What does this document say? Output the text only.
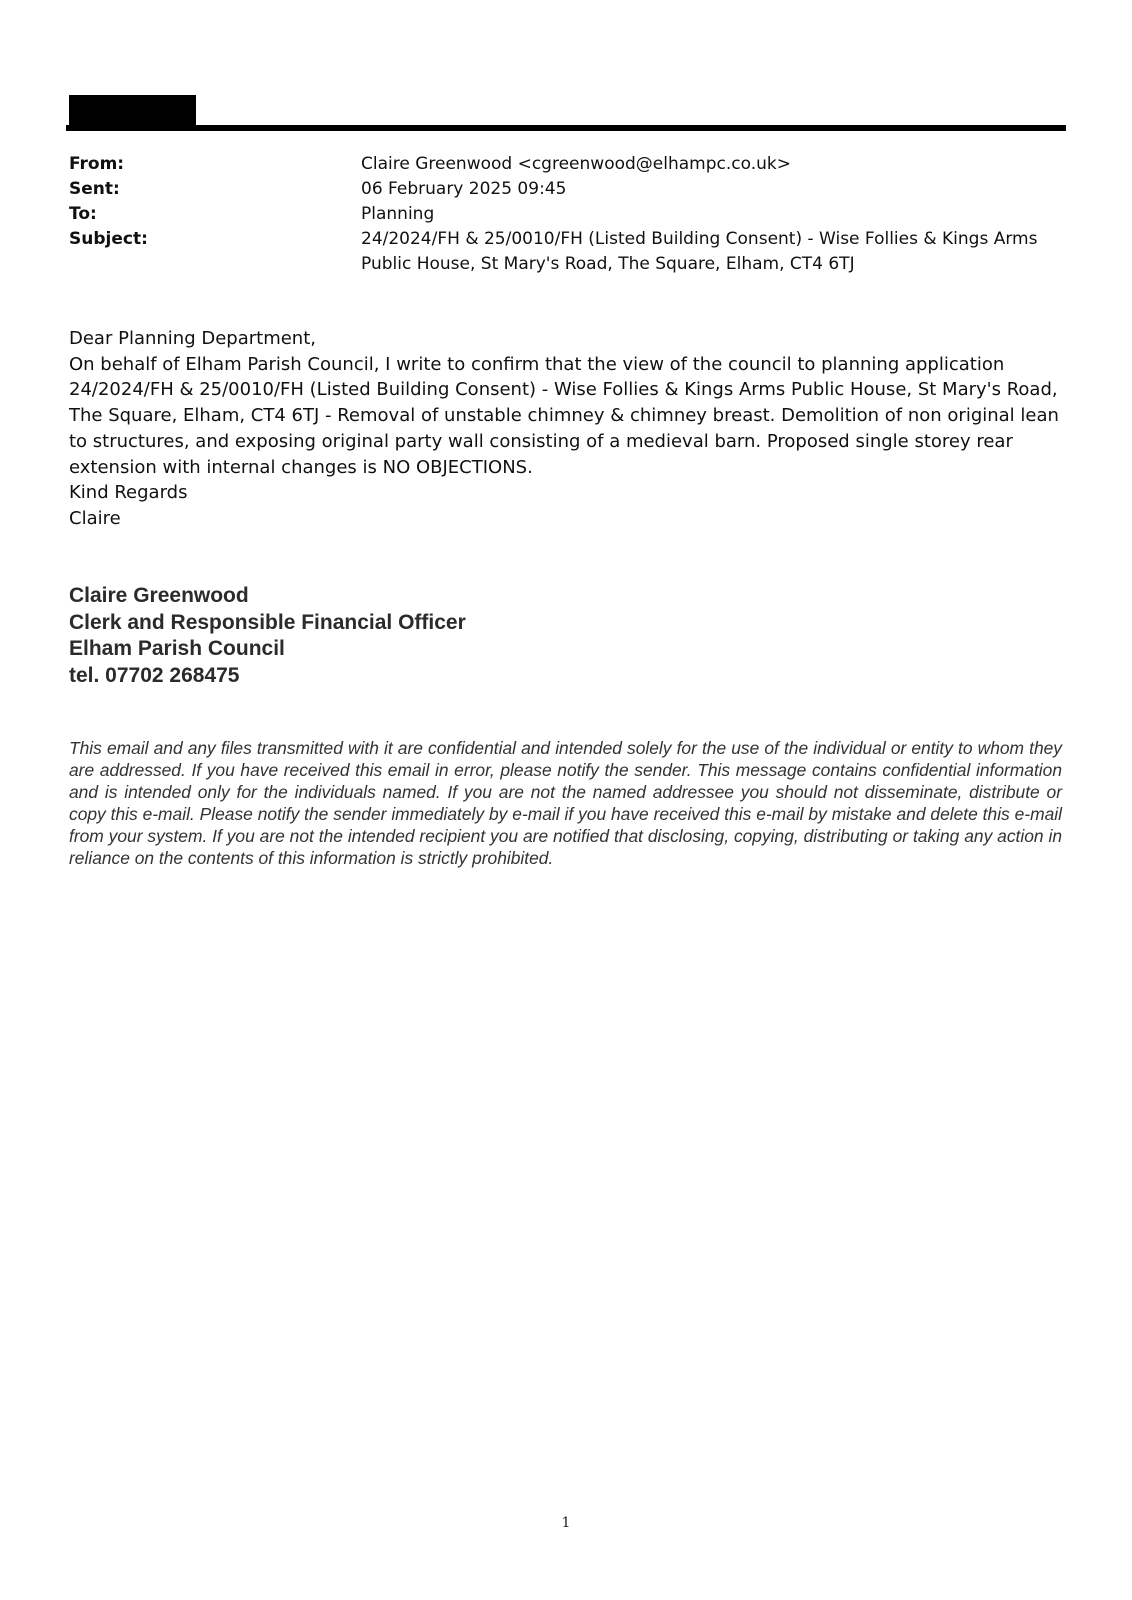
From:	Claire Greenwood <cgreenwood@elhampc.co.uk>
Sent:	06 February 2025 09:45
To:	Planning
Subject:	24/2024/FH & 25/0010/FH (Listed Building Consent) - Wise Follies & Kings Arms Public House, St Mary's Road, The Square, Elham, CT4 6TJ

Dear Planning Department,

On behalf of Elham Parish Council, I write to confirm that the view of the council to planning application 24/2024/FH & 25/0010/FH (Listed Building Consent) - Wise Follies & Kings Arms Public House, St Mary's Road, The Square, Elham, CT4 6TJ - Removal of unstable chimney & chimney breast. Demolition of non original lean to structures, and exposing original party wall consisting of a medieval barn. Proposed single storey rear extension with internal changes is NO OBJECTIONS.

Kind Regards

Claire

Claire Greenwood
Clerk and Responsible Financial Officer
Elham Parish Council
tel. 07702 268475

This email and any files transmitted with it are confidential and intended solely for the use of the individual or entity to whom they are addressed. If you have received this email in error, please notify the sender. This message contains confidential information and is intended only for the individuals named. If you are not the named addressee you should not disseminate, distribute or copy this e-mail. Please notify the sender immediately by e-mail if you have received this e-mail by mistake and delete this e-mail from your system. If you are not the intended recipient you are notified that disclosing, copying, distributing or taking any action in reliance on the contents of this information is strictly prohibited.

1
